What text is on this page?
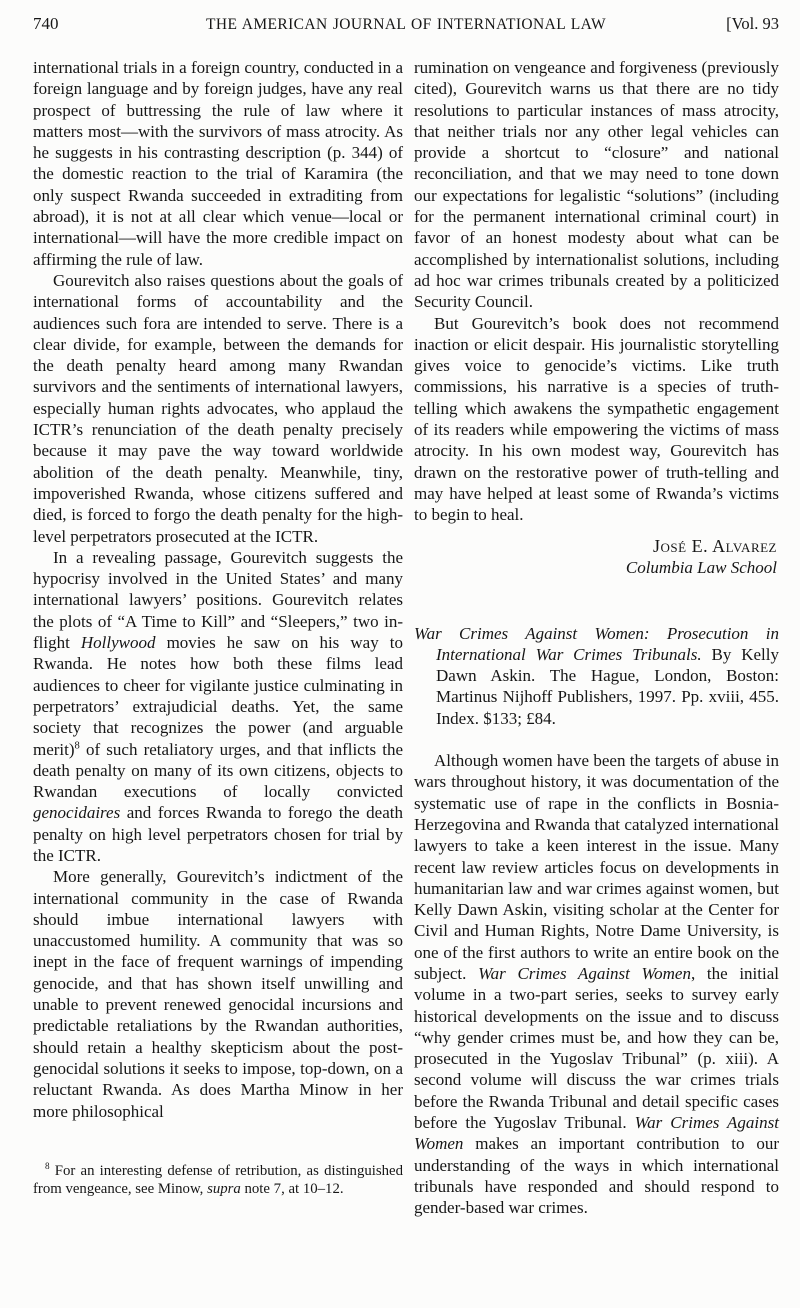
740	THE AMERICAN JOURNAL OF INTERNATIONAL LAW	[Vol. 93

international trials in a foreign country, conducted in a foreign language and by foreign judges, have any real prospect of buttressing the rule of law where it matters most—with the survivors of mass atrocity. As he suggests in his contrasting description (p. 344) of the domestic reaction to the trial of Karamira (the only suspect Rwanda succeeded in extraditing from abroad), it is not at all clear which venue—local or international—will have the more credible impact on affirming the rule of law.

Gourevitch also raises questions about the goals of international forms of accountability and the audiences such fora are intended to serve. There is a clear divide, for example, between the demands for the death penalty heard among many Rwandan survivors and the sentiments of international lawyers, especially human rights advocates, who applaud the ICTR’s renunciation of the death penalty precisely because it may pave the way toward worldwide abolition of the death penalty. Meanwhile, tiny, impoverished Rwanda, whose citizens suffered and died, is forced to forgo the death penalty for the high-level perpetrators prosecuted at the ICTR.

In a revealing passage, Gourevitch suggests the hypocrisy involved in the United States’ and many international lawyers’ positions. Gourevitch relates the plots of “A Time to Kill” and “Sleepers,” two in-flight Hollywood movies he saw on his way to Rwanda. He notes how both these films lead audiences to cheer for vigilante justice culminating in perpetrators’ extrajudicial deaths. Yet, the same society that recognizes the power (and arguable merit)$^8$ of such retaliatory urges, and that inflicts the death penalty on many of its own citizens, objects to Rwandan executions of locally convicted genocidaires and forces Rwanda to forego the death penalty on high level perpetrators chosen for trial by the ICTR.

More generally, Gourevitch’s indictment of the international community in the case of Rwanda should imbue international lawyers with unaccustomed humility. A community that was so inept in the face of frequent warnings of impending genocide, and that has shown itself unwilling and unable to prevent renewed genocidal incursions and predictable retaliations by the Rwandan authorities, should retain a healthy skepticism about the post-genocidal solutions it seeks to impose, top-down, on a reluctant Rwanda. As does Martha Minow in her more philosophical

$^8$ For an interesting defense of retribution, as distinguished from vengeance, see Minow, supra note 7, at 10–12.

rumination on vengeance and forgiveness (previously cited), Gourevitch warns us that there are no tidy resolutions to particular instances of mass atrocity, that neither trials nor any other legal vehicles can provide a shortcut to “closure” and national reconciliation, and that we may need to tone down our expectations for legalistic “solutions” (including for the permanent international criminal court) in favor of an honest modesty about what can be accomplished by internationalist solutions, including ad hoc war crimes tribunals created by a politicized Security Council.

But Gourevitch’s book does not recommend inaction or elicit despair. His journalistic storytelling gives voice to genocide’s victims. Like truth commissions, his narrative is a species of truth-telling which awakens the sympathetic engagement of its readers while empowering the victims of mass atrocity. In his own modest way, Gourevitch has drawn on the restorative power of truth-telling and may have helped at least some of Rwanda’s victims to begin to heal.

José E. Alvarez
Columbia Law School

War Crimes Against Women: Prosecution in International War Crimes Tribunals. By Kelly Dawn Askin. The Hague, London, Boston: Martinus Nijhoff Publishers, 1997. Pp. xviii, 455. Index. $133; £84.

Although women have been the targets of abuse in wars throughout history, it was documentation of the systematic use of rape in the conflicts in Bosnia-Herzegovina and Rwanda that catalyzed international lawyers to take a keen interest in the issue. Many recent law review articles focus on developments in humanitarian law and war crimes against women, but Kelly Dawn Askin, visiting scholar at the Center for Civil and Human Rights, Notre Dame University, is one of the first authors to write an entire book on the subject. War Crimes Against Women, the initial volume in a two-part series, seeks to survey early historical developments on the issue and to discuss “why gender crimes must be, and how they can be, prosecuted in the Yugoslav Tribunal” (p. xiii). A second volume will discuss the war crimes trials before the Rwanda Tribunal and detail specific cases before the Yugoslav Tribunal. War Crimes Against Women makes an important contribution to our understanding of the ways in which international tribunals have responded and should respond to gender-based war crimes.
